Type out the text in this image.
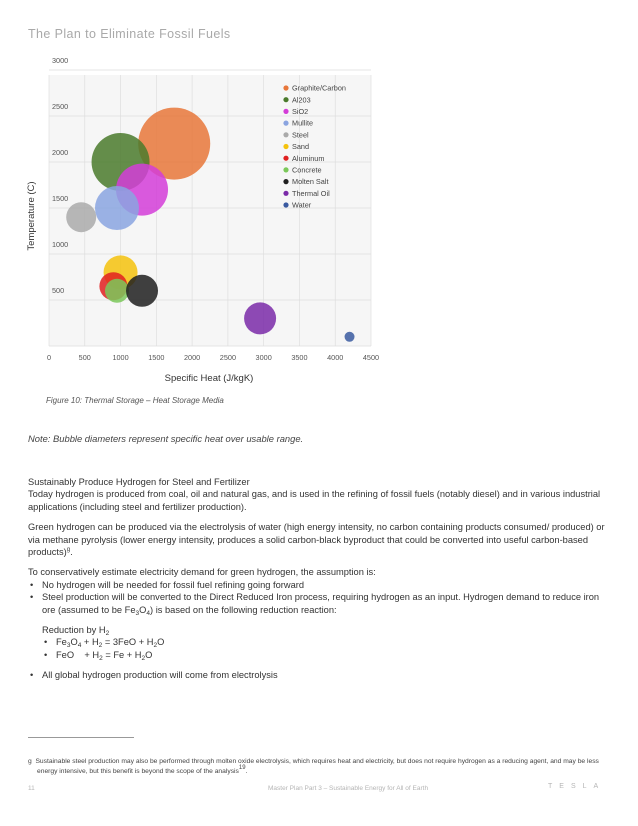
The Plan to Eliminate Fossil Fuels
0	500	1000	1500	2000	2500	3000	3500	4000	4500
500
1000
1500
2000
2500
3000
Graphite/Carbon
Al203
SiO2
Mullite
Steel
Sand
Aluminum
Concrete
Molten Salt
Thermal Oil
Water
Specific Heat (J/kgK)
Temperature (C)
Figure 10: Thermal Storage – Heat Storage Media
Note: Bubble diameters represent specific heat over usable range.

Sustainably Produce Hydrogen for Steel and Fertilizer

Today hydrogen is produced from coal, oil and natural gas, and is used in the refining of fossil fuels (notably diesel) and in various industrial applications (including steel and fertilizer production).

Green hydrogen can be produced via the electrolysis of water (high energy intensity, no carbon containing products consumed/ produced) or via methane pyrolysis (lower energy intensity, produces a solid carbon-black byproduct that could be converted into useful carbon-based products)$^g$.

To conservatively estimate electricity demand for green hydrogen, the assumption is:

• No hydrogen will be needed for fossil fuel refining going forward
• Steel production will be converted to the Direct Reduced Iron process, requiring hydrogen as an input. Hydrogen demand to reduce iron ore (assumed to be $Fe_3O_4$) is based on the following reduction reaction:

Reduction by $H_2$

• $Fe_3O_4 + H_2 = 3FeO + H_2O$
• FeO    + $H_2 = Fe + H_2O$
• All global hydrogen production will come from electrolysis
g Sustainable steel production may also be performed through molten oxide electrolysis, which requires heat and electricity, but does not require hydrogen as a reducing agent, and may be less energy intensive, but this benefit is beyond the scope of the analysis$^{19}$.
11	Master Plan Part 3 – Sustainable Energy for All of Earth	TESLA
